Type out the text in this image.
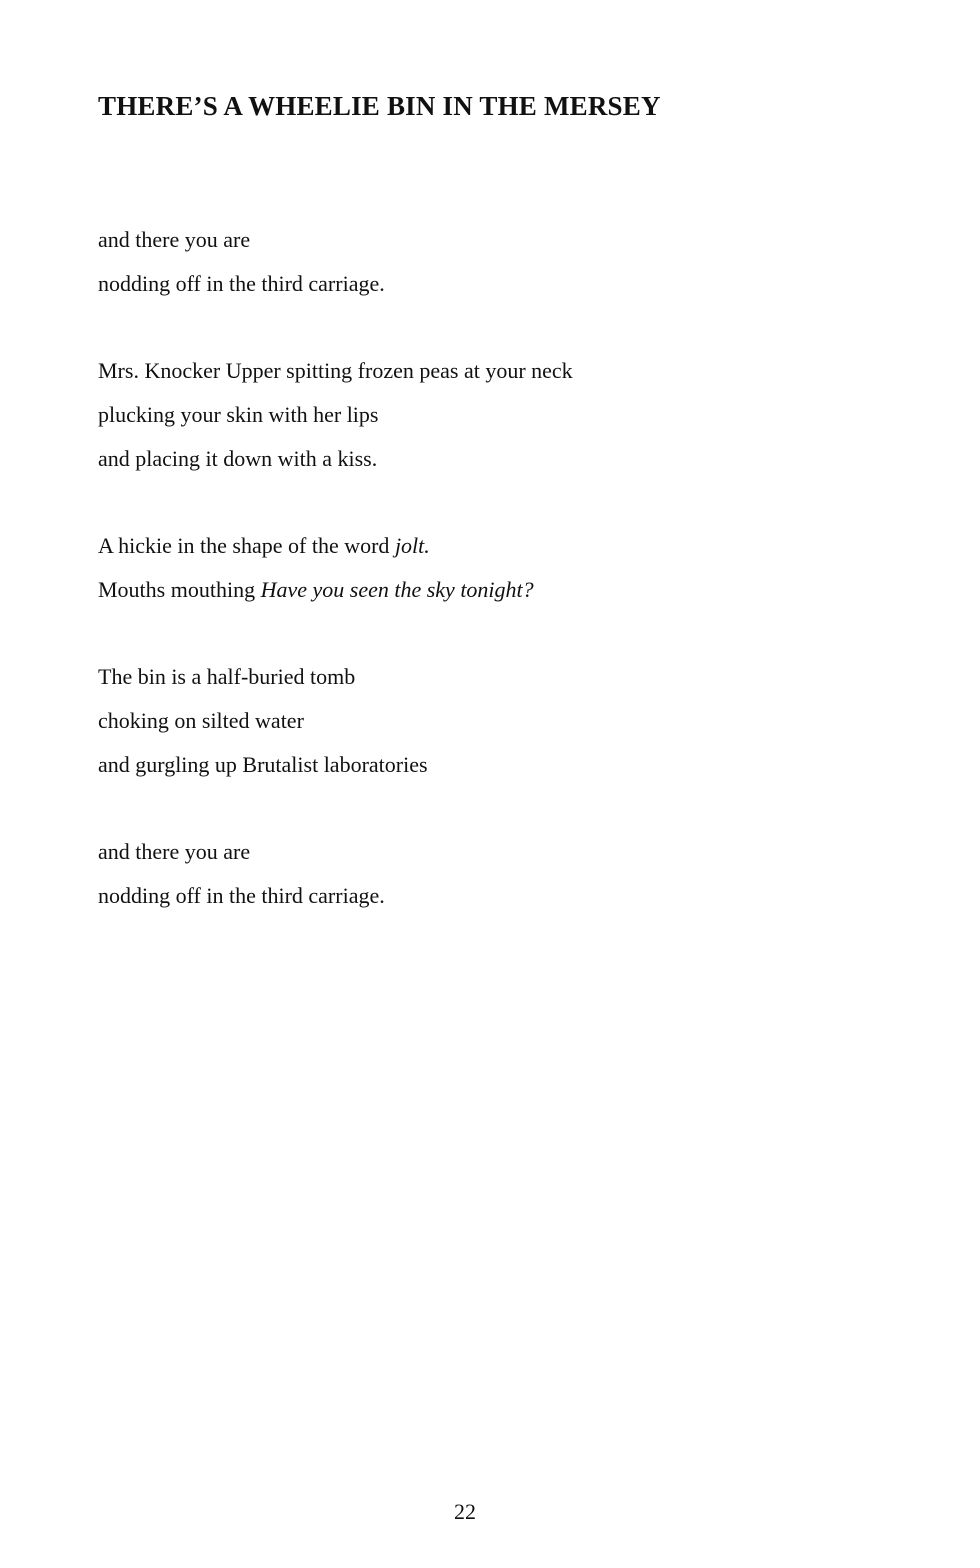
THERE’S A WHEELIE BIN IN THE MERSEY
and there you are
nodding off in the third carriage.
Mrs. Knocker Upper spitting frozen peas at your neck
plucking your skin with her lips
and placing it down with a kiss.
A hickie in the shape of the word jolt.
Mouths mouthing Have you seen the sky tonight?
The bin is a half-buried tomb
choking on silted water
and gurgling up Brutalist laboratories
and there you are
nodding off in the third carriage.
22
